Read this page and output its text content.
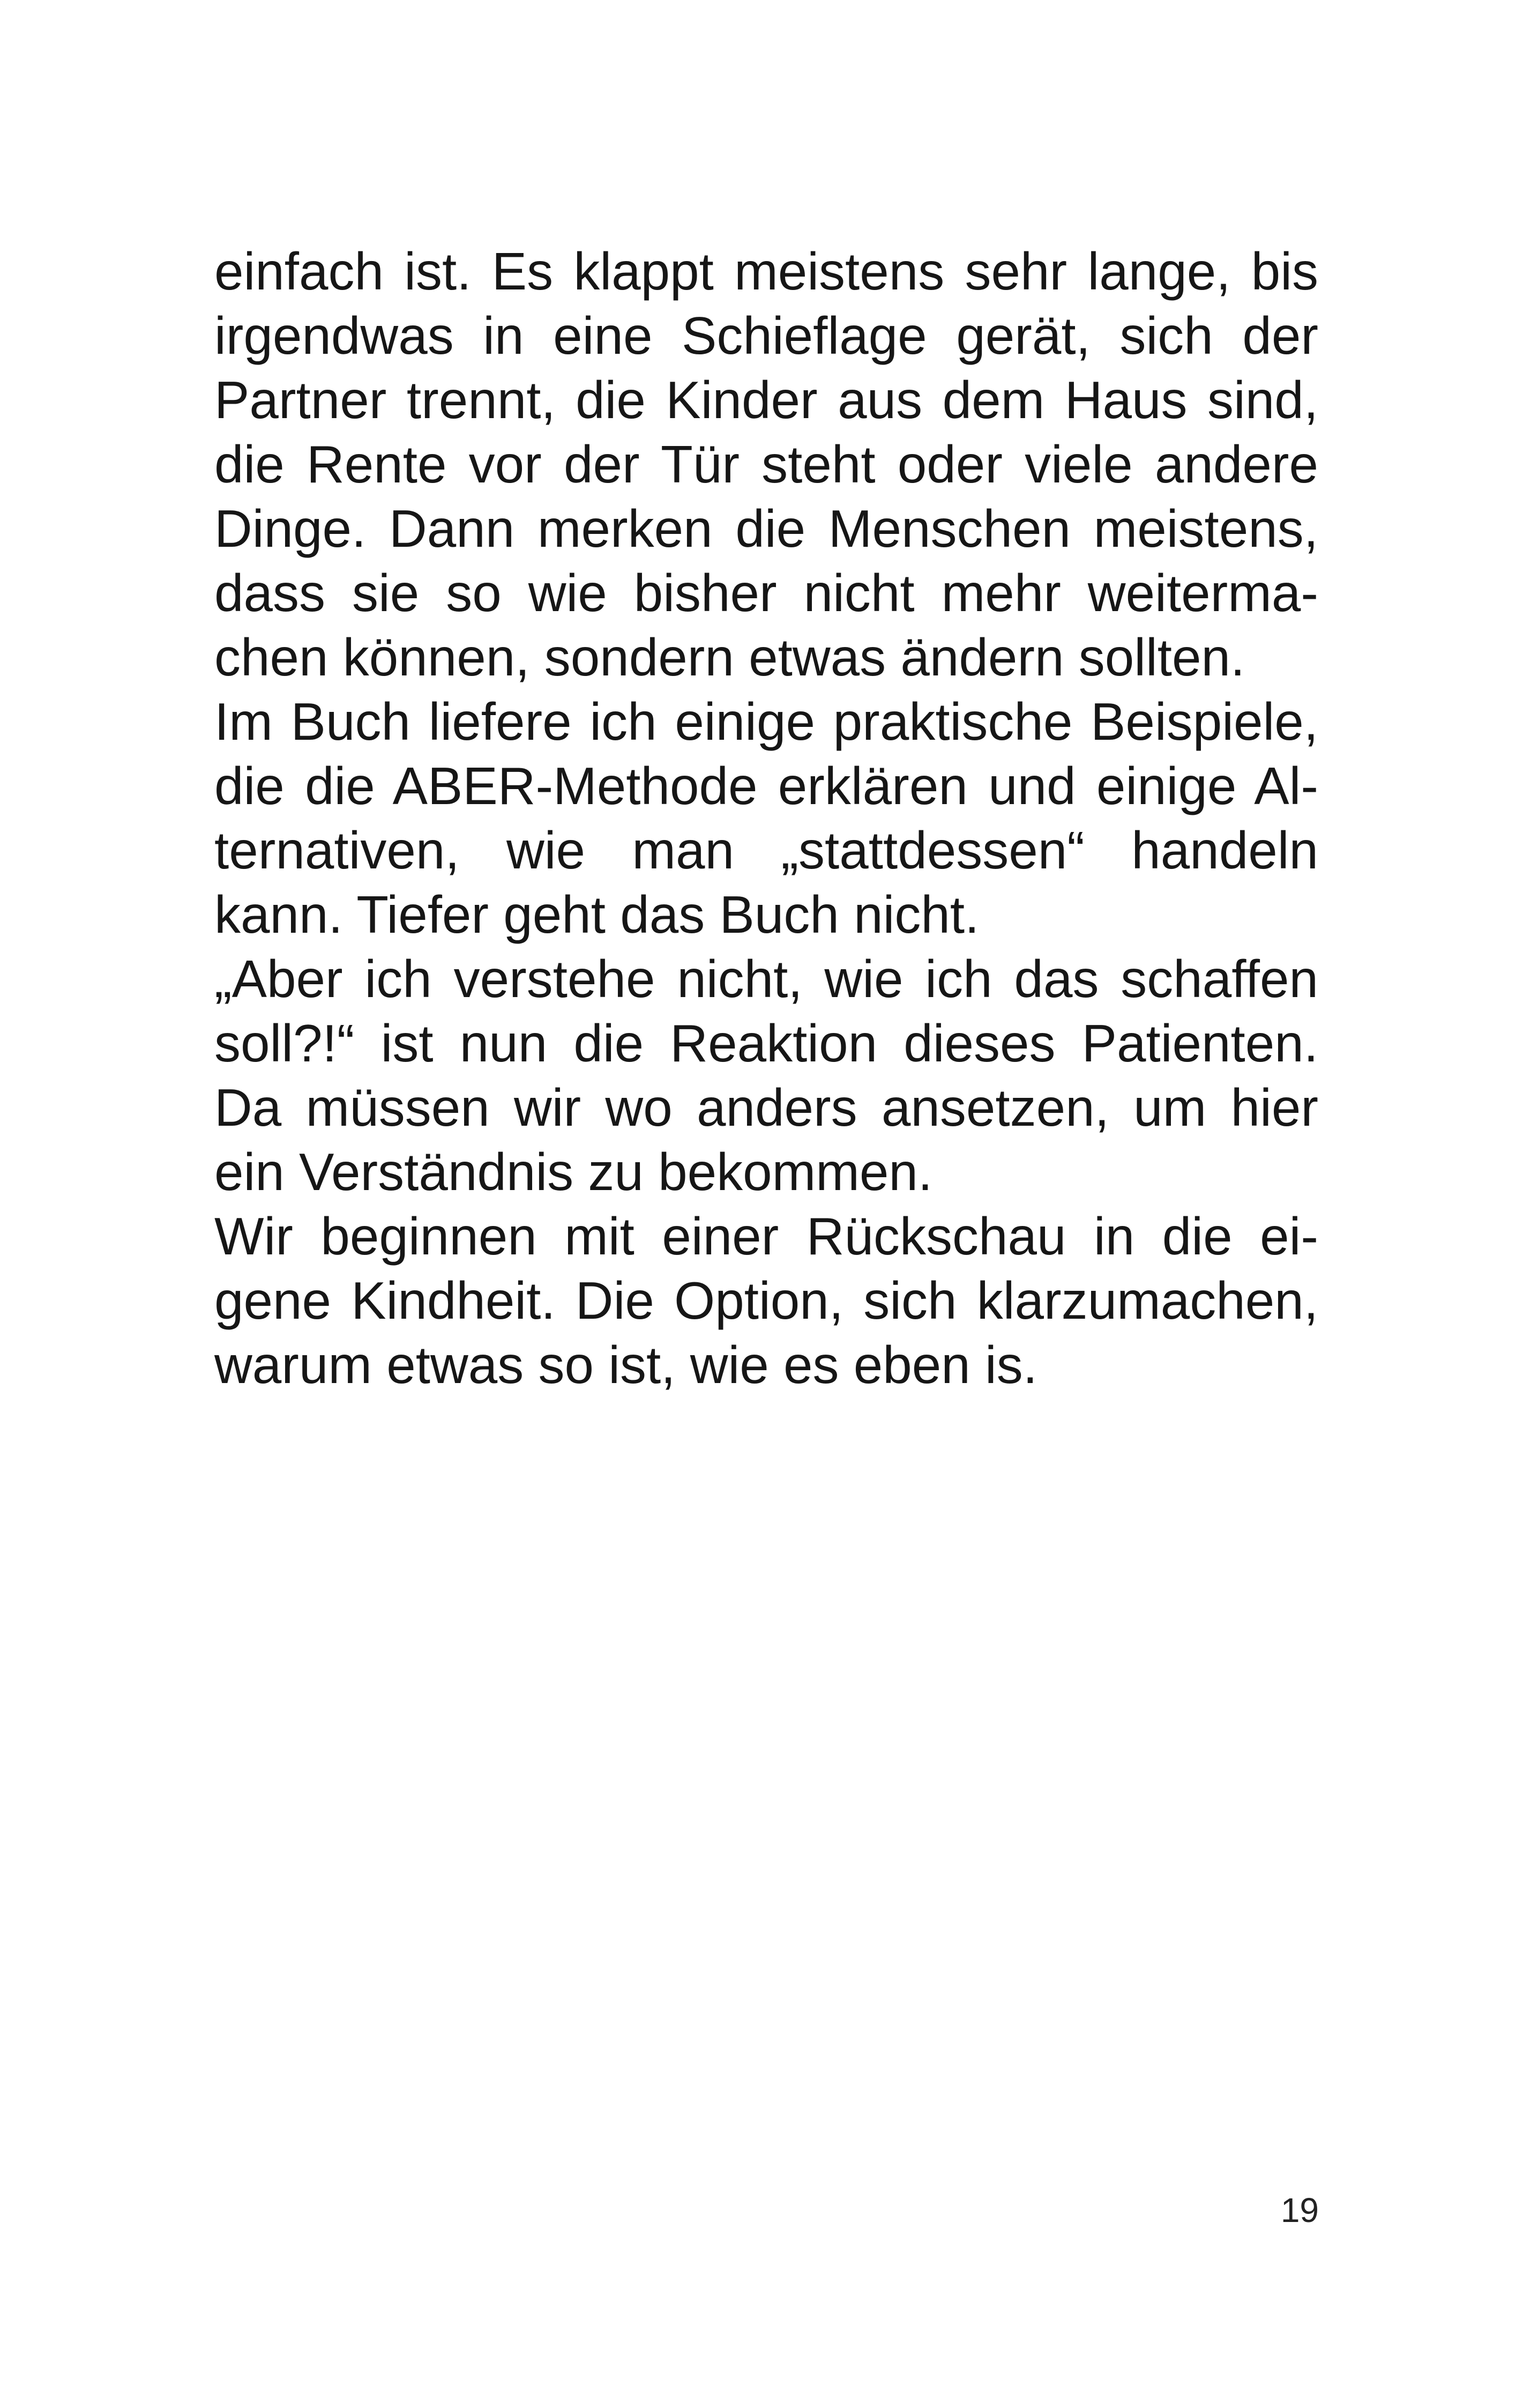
einfach ist. Es klappt meistens sehr lange, bis
irgendwas in eine Schieflage gerät, sich der
Partner trennt, die Kinder aus dem Haus sind,
die Rente vor der Tür steht oder viele andere
Dinge. Dann merken die Menschen meistens,
dass sie so wie bisher nicht mehr weiterma-
chen können, sondern etwas ändern sollten.
Im Buch liefere ich einige praktische Beispiele,
die die ABER-Methode erklären und einige Al-
ternativen, wie man „stattdessen“ handeln
kann. Tiefer geht das Buch nicht.
„Aber ich verstehe nicht, wie ich das schaffen
soll?!“ ist nun die Reaktion dieses Patienten.
Da müssen wir wo anders ansetzen, um hier
ein Verständnis zu bekommen.
Wir beginnen mit einer Rückschau in die ei-
gene Kindheit. Die Option, sich klarzumachen,
warum etwas so ist, wie es eben is.
19
